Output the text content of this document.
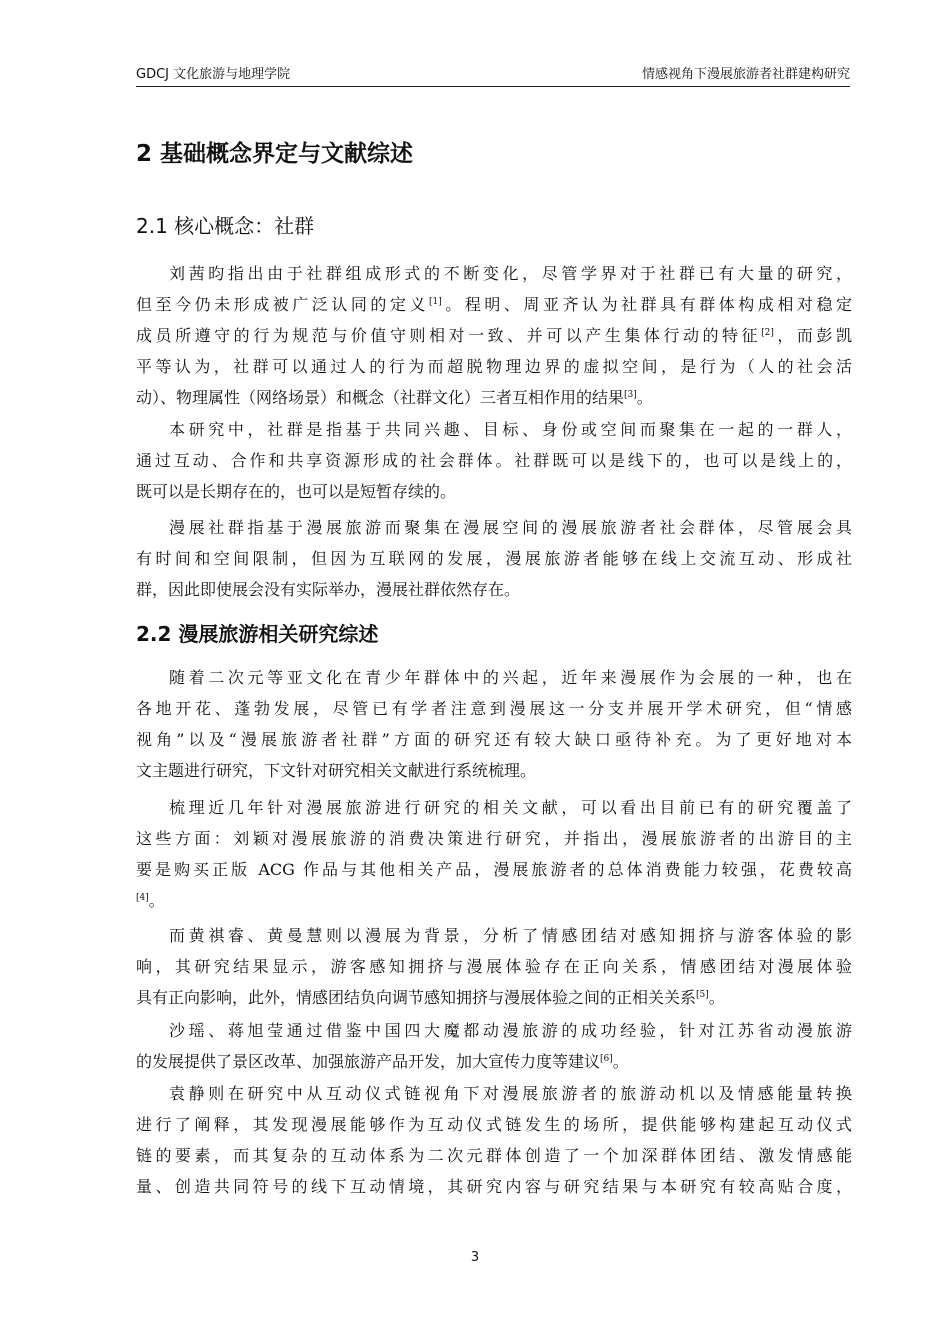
GDCJ 文化旅游与地理学院	情感视角下漫展旅游者社群建构研究
2 基础概念界定与文献综述
2.1 核心概念：社群
刘茜昀指出由于社群组成形式的不断变化，尽管学界对于社群已有大量的研究，
但至今仍未形成被广泛认同的定义[1]。程明、周亚齐认为社群具有群体构成相对稳定
成员所遵守的行为规范与价值守则相对一致、并可以产生集体行动的特征[2]，而彭凯
平等认为，社群可以通过人的行为而超脱物理边界的虚拟空间，是行为（人的社会活
动）、物理属性（网络场景）和概念（社群文化）三者互相作用的结果[3]。
本研究中，社群是指基于共同兴趣、目标、身份或空间而聚集在一起的一群人，
通过互动、合作和共享资源形成的社会群体。社群既可以是线下的，也可以是线上的，
既可以是长期存在的，也可以是短暂存续的。
漫展社群指基于漫展旅游而聚集在漫展空间的漫展旅游者社会群体，尽管展会具
有时间和空间限制，但因为互联网的发展，漫展旅游者能够在线上交流互动、形成社
群，因此即使展会没有实际举办，漫展社群依然存在。
2.2 漫展旅游相关研究综述
随着二次元等亚文化在青少年群体中的兴起，近年来漫展作为会展的一种，也在
各地开花、蓬勃发展，尽管已有学者注意到漫展这一分支并展开学术研究，但“情感
视角”以及“漫展旅游者社群”方面的研究还有较大缺口亟待补充。为了更好地对本
文主题进行研究，下文针对研究相关文献进行系统梳理。
梳理近几年针对漫展旅游进行研究的相关文献，可以看出目前已有的研究覆盖了
这些方面：刘颖对漫展旅游的消费决策进行研究，并指出，漫展旅游者的出游目的主
要是购买正版 ACG 作品与其他相关产品，漫展旅游者的总体消费能力较强，花费较高
[4]。
而黄祺睿、黄曼慧则以漫展为背景，分析了情感团结对感知拥挤与游客体验的影
响，其研究结果显示，游客感知拥挤与漫展体验存在正向关系，情感团结对漫展体验
具有正向影响，此外，情感团结负向调节感知拥挤与漫展体验之间的正相关关系[5]。
沙瑶、蒋旭莹通过借鉴中国四大魔都动漫旅游的成功经验，针对江苏省动漫旅游
的发展提供了景区改革、加强旅游产品开发，加大宣传力度等建议[6]。
袁静则在研究中从互动仪式链视角下对漫展旅游者的旅游动机以及情感能量转换
进行了阐释，其发现漫展能够作为互动仪式链发生的场所，提供能够构建起互动仪式
链的要素，而其复杂的互动体系为二次元群体创造了一个加深群体团结、激发情感能
量、创造共同符号的线下互动情境，其研究内容与研究结果与本研究有较高贴合度，
3
